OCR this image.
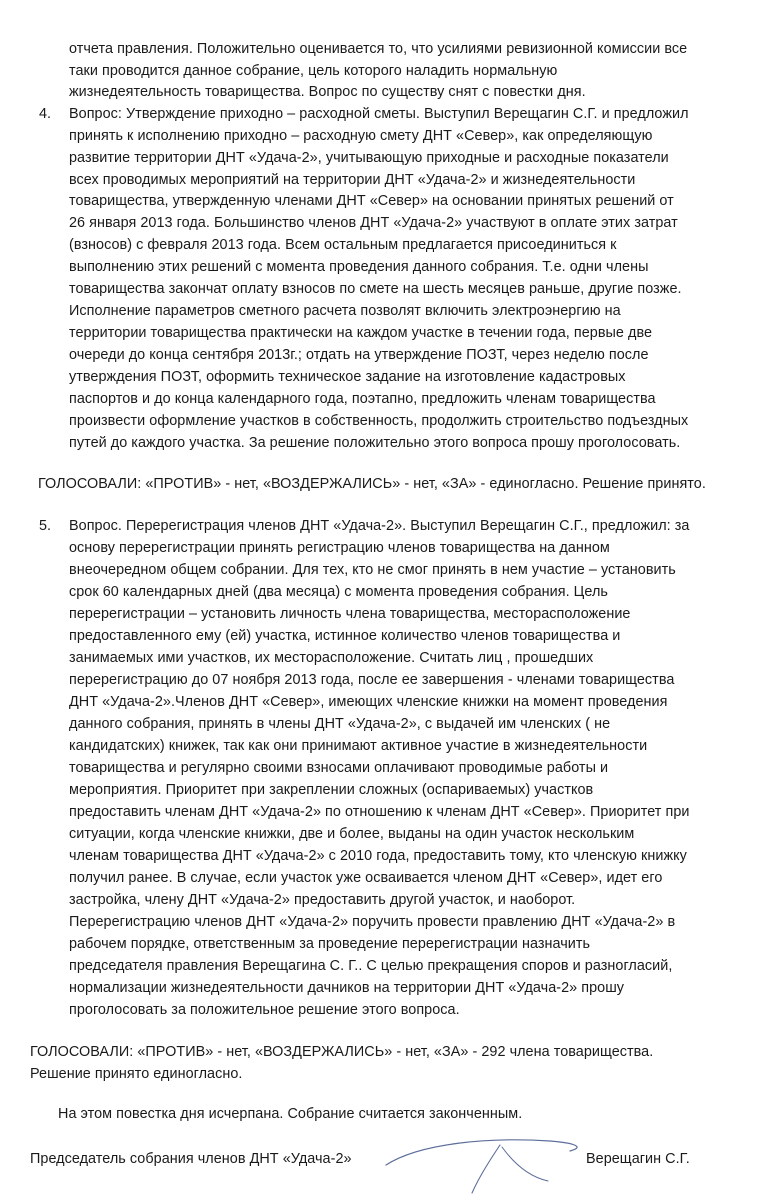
отчета правления. Положительно оценивается то, что усилиями ревизионной комиссии все
таки проводится данное собрание, цель которого наладить нормальную
жизнедеятельность товарищества. Вопрос по существу снят с повестки дня.
4. Вопрос: Утверждение приходно – расходной сметы. Выступил Верещагин С.Г. и предложил
принять к исполнению приходно – расходную смету ДНТ «Север», как определяющую
развитие территории ДНТ «Удача-2», учитывающую приходные и расходные показатели
всех проводимых мероприятий на территории ДНТ «Удача-2» и жизнедеятельности
товарищества, утвержденную членами ДНТ «Север» на основании принятых решений от
26 января 2013 года. Большинство членов ДНТ «Удача-2» участвуют в оплате этих затрат
(взносов) с февраля 2013 года. Всем остальным предлагается присоединиться к
выполнению этих решений с момента проведения данного собрания. Т.е. одни члены
товарищества закончат оплату взносов по смете на шесть месяцев раньше, другие позже.
Исполнение параметров сметного расчета позволят включить электроэнергию на
территории товарищества практически на каждом участке в течении года, первые две
очереди до конца сентября 2013г.; отдать на утверждение ПОЗТ, через неделю после
утверждения ПОЗТ, оформить техническое задание на изготовление кадастровых
паспортов и до конца календарного года, поэтапно, предложить членам товарищества
произвести оформление участков в собственность, продолжить строительство подъездных
путей до каждого участка. За решение положительно этого вопроса прошу проголосовать.
ГОЛОСОВАЛИ: «ПРОТИВ» - нет, «ВОЗДЕРЖАЛИСЬ» - нет, «ЗА» - единогласно. Решение принято.
5. Вопрос. Перерегистрация членов ДНТ «Удача-2». Выступил Верещагин С.Г., предложил: за
основу перерегистрации принять регистрацию членов товарищества на данном
внеочередном общем собрании. Для тех, кто не смог принять в нем участие – установить
срок 60 календарных дней (два месяца) с момента проведения собрания. Цель
перерегистрации – установить личность члена товарищества, месторасположение
предоставленного ему (ей) участка, истинное количество членов товарищества и
занимаемых ими участков, их месторасположение. Считать лиц , прошедших
перерегистрацию до 07 ноября 2013 года, после ее завершения - членами товарищества
ДНТ «Удача-2».Членов ДНТ «Север», имеющих членские книжки на момент проведения
данного собрания, принять в члены ДНТ «Удача-2», с выдачей им членских ( не
кандидатских) книжек, так как они принимают активное участие в жизнедеятельности
товарищества и регулярно своими взносами оплачивают проводимые работы и
мероприятия. Приоритет при закреплении сложных (оспариваемых) участков
предоставить членам ДНТ «Удача-2» по отношению к членам ДНТ «Север». Приоритет при
ситуации, когда членские книжки, две и более, выданы на один участок нескольким
членам товарищества ДНТ «Удача-2» с 2010 года, предоставить тому, кто членскую книжку
получил ранее. В случае, если участок уже осваивается членом ДНТ «Север», идет его
застройка, члену ДНТ «Удача-2» предоставить другой участок, и наоборот.
Перерегистрацию членов ДНТ «Удача-2» поручить провести правлению ДНТ «Удача-2» в
рабочем порядке, ответственным за проведение перерегистрации назначить
председателя правления Верещагина С. Г.. С целью прекращения споров и разногласий,
нормализации жизнедеятельности дачников на территории ДНТ «Удача-2» прошу
проголосовать за положительное решение этого вопроса.
ГОЛОСОВАЛИ: «ПРОТИВ» - нет, «ВОЗДЕРЖАЛИСЬ» - нет, «ЗА» - 292 члена товарищества.
Решение принято единогласно.
На этом повестка дня исчерпана. Собрание считается законченным.
Председатель собрания членов ДНТ «Удача-2»	Верещагин С.Г.
